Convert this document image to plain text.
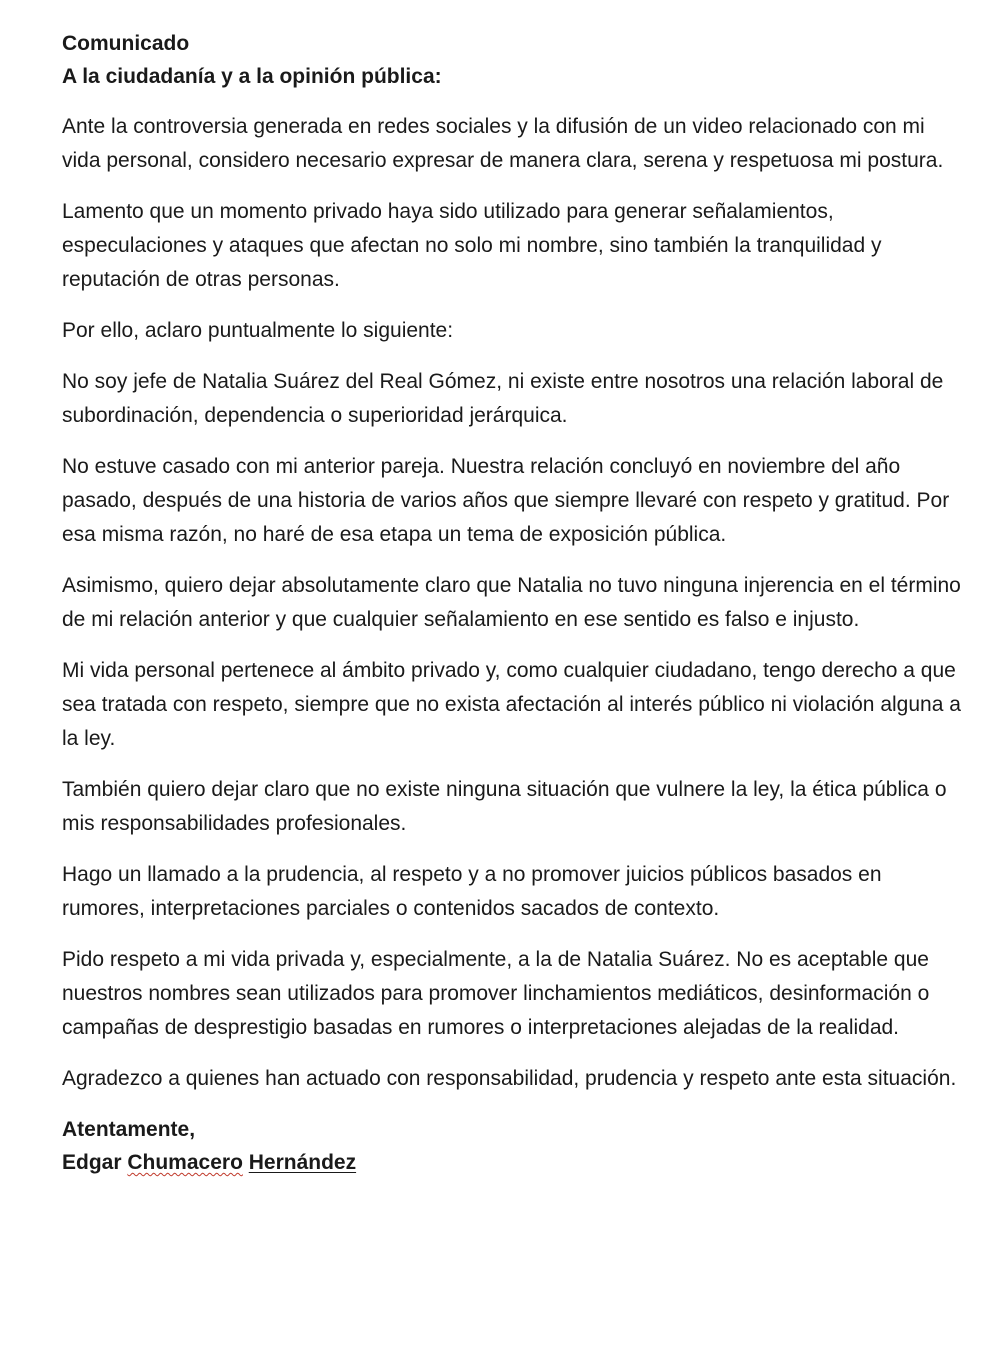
Comunicado

A la ciudadanía y a la opinión pública:

Ante la controversia generada en redes sociales y la difusión de un video relacionado con mi vida personal, considero necesario expresar de manera clara, serena y respetuosa mi postura.

Lamento que un momento privado haya sido utilizado para generar señalamientos, especulaciones y ataques que afectan no solo mi nombre, sino también la tranquilidad y reputación de otras personas.

Por ello, aclaro puntualmente lo siguiente:

No soy jefe de Natalia Suárez del Real Gómez, ni existe entre nosotros una relación laboral de subordinación, dependencia o superioridad jerárquica.

No estuve casado con mi anterior pareja. Nuestra relación concluyó en noviembre del año pasado, después de una historia de varios años que siempre llevaré con respeto y gratitud. Por esa misma razón, no haré de esa etapa un tema de exposición pública.

Asimismo, quiero dejar absolutamente claro que Natalia no tuvo ninguna injerencia en el término de mi relación anterior y que cualquier señalamiento en ese sentido es falso e injusto.

Mi vida personal pertenece al ámbito privado y, como cualquier ciudadano, tengo derecho a que sea tratada con respeto, siempre que no exista afectación al interés público ni violación alguna a la ley.

También quiero dejar claro que no existe ninguna situación que vulnere la ley, la ética pública o mis responsabilidades profesionales.

Hago un llamado a la prudencia, al respeto y a no promover juicios públicos basados en rumores, interpretaciones parciales o contenidos sacados de contexto.

Pido respeto a mi vida privada y, especialmente, a la de Natalia Suárez. No es aceptable que nuestros nombres sean utilizados para promover linchamientos mediáticos, desinformación o campañas de desprestigio basadas en rumores o interpretaciones alejadas de la realidad.

Agradezco a quienes han actuado con responsabilidad, prudencia y respeto ante esta situación.

Atentamente,

Edgar Chumacero Hernández
